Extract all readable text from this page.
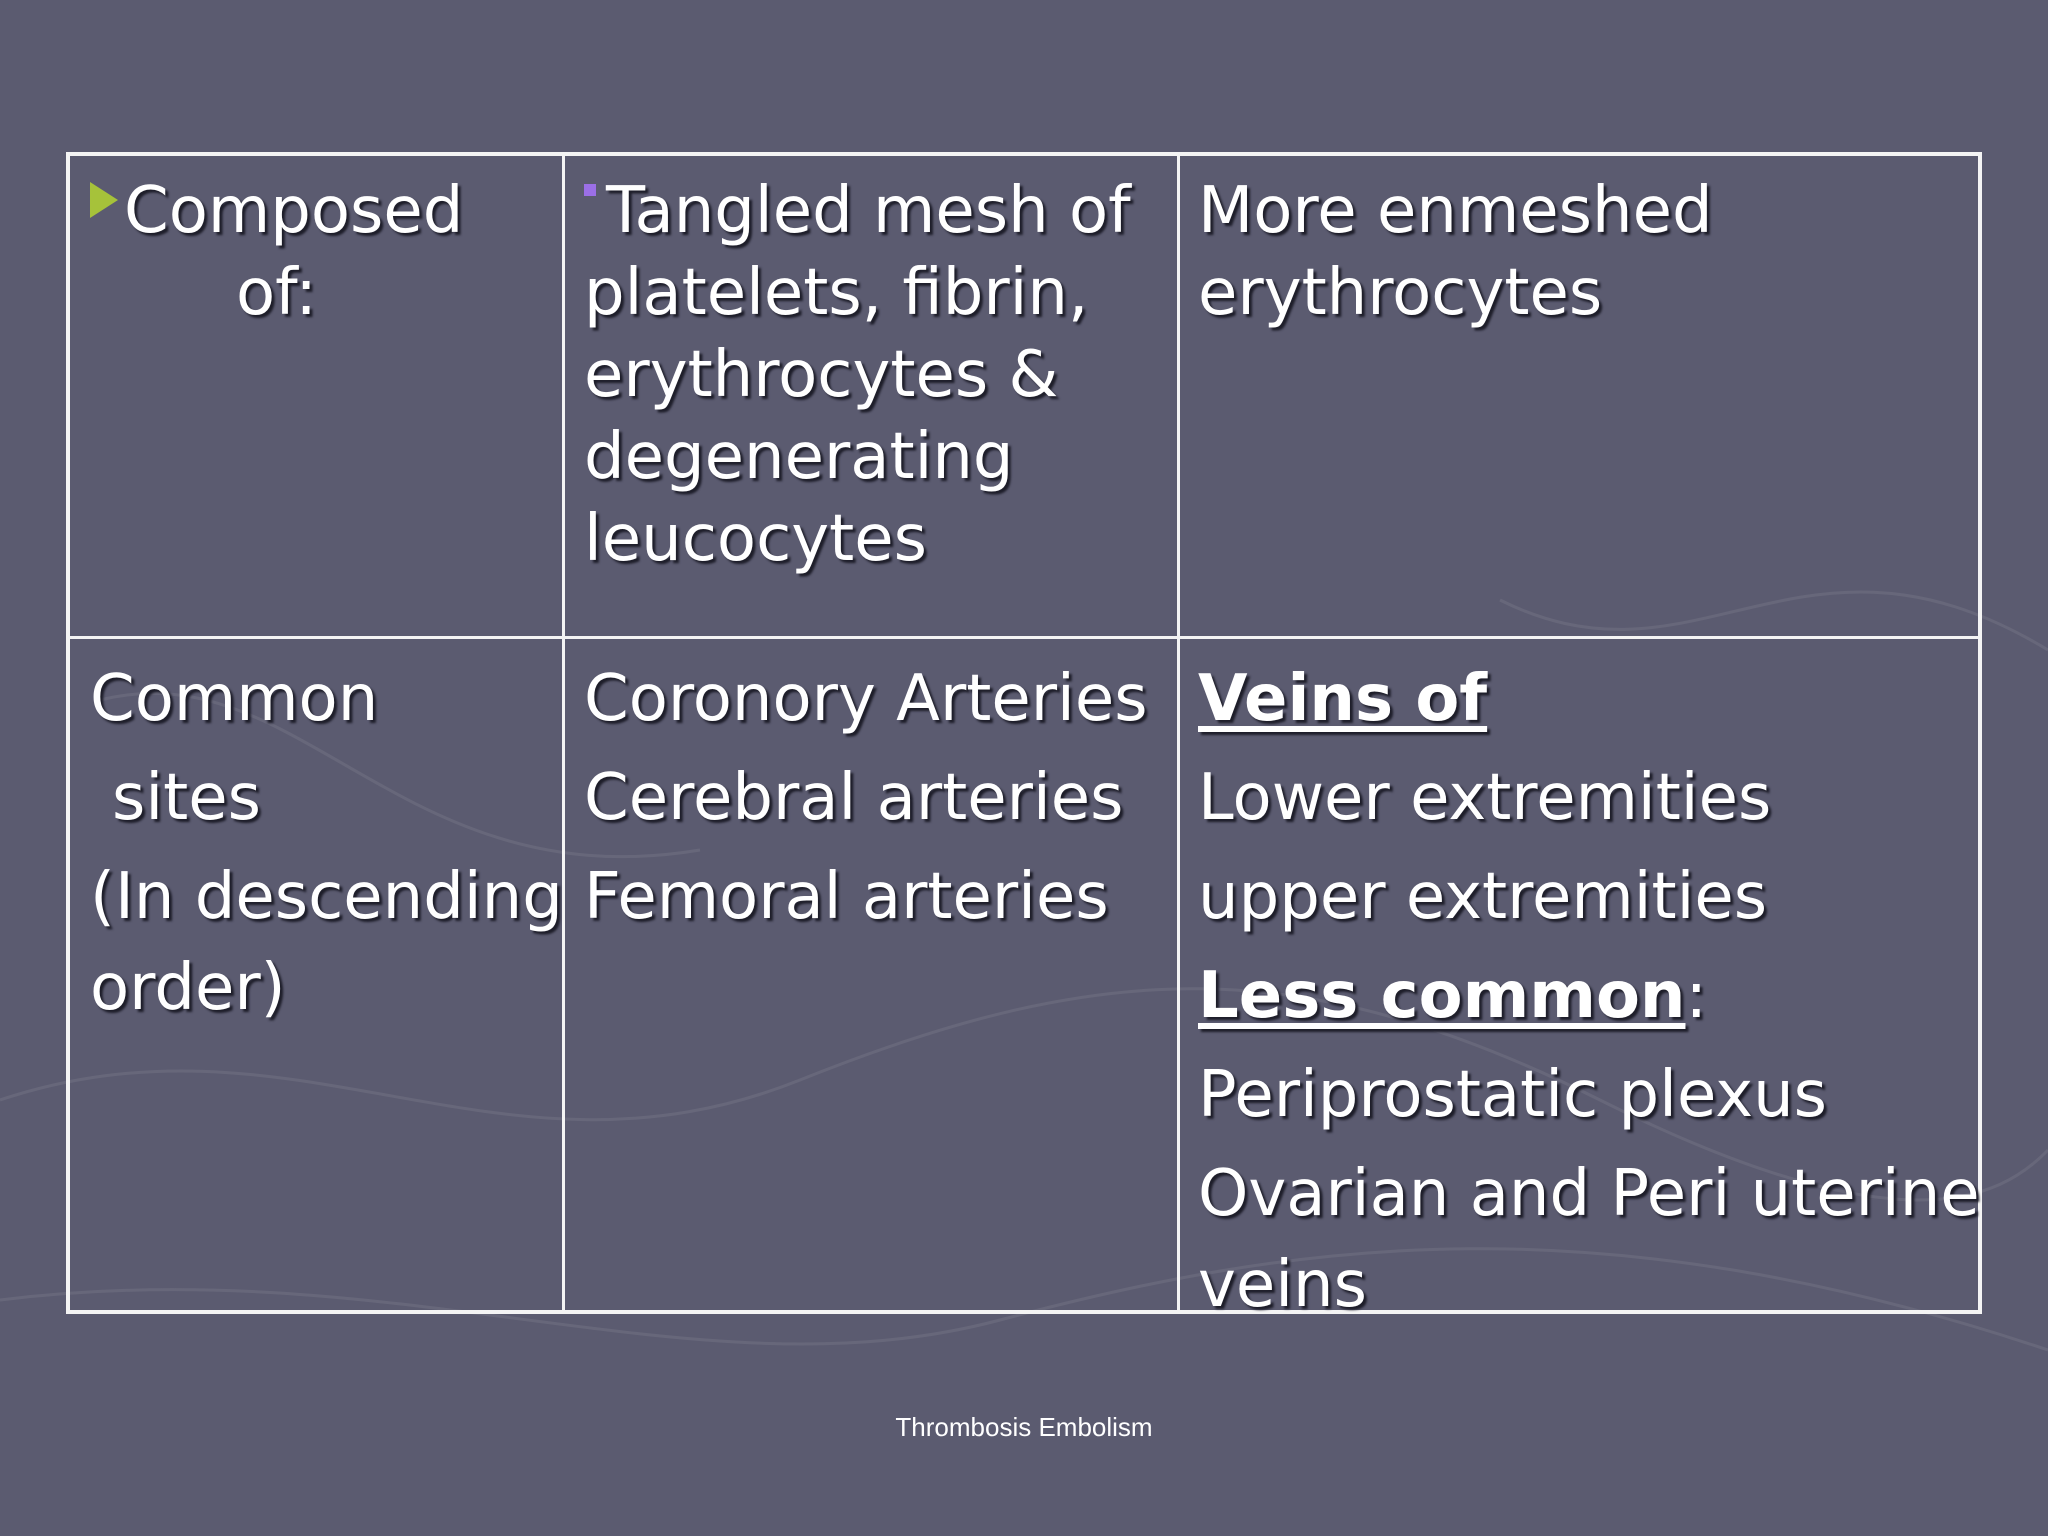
Composed
of:
Tangled mesh of
platelets, fibrin,
erythrocytes &
degenerating
leucocytes
More enmeshed
erythrocytes
Common
sites
(In descending
order)
Coronory Arteries
Cerebral arteries
Femoral arteries
Veins of
Lower extremities
upper extremities
Less common:
Periprostatic plexus
Ovarian and Peri uterine
veins
Thrombosis Embolism
